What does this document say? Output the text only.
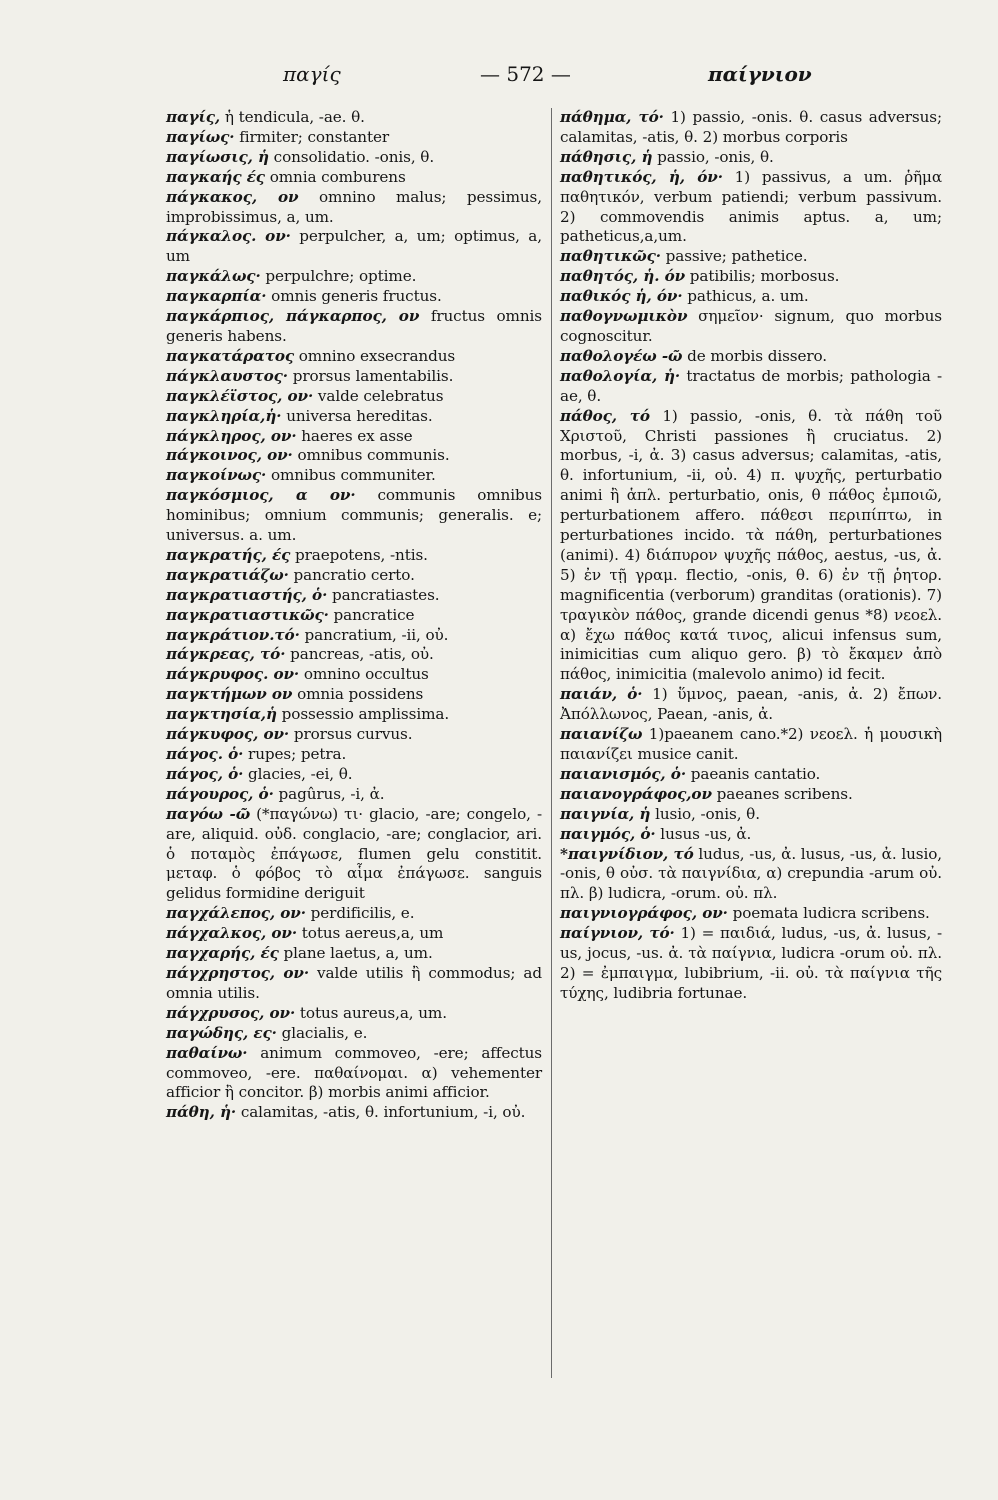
παγίς	— 572 —	παίγνιον
παγίς, ἡ tendicula, -ae. θ.
παγίως· firmiter; constanter
παγίωσις, ἡ consolidatio. -onis, θ.
παγκαής ές omnia comburens
πάγκακος, ον omnino malus; pessimus, improbissimus, a, um.
πάγκαλος. ον· perpulcher, a, um; optimus, a, um
παγκάλως· perpulchre; optime.
παγκαρπία· omnis generis fructus.
παγκάρπιος, πάγκαρπος, ον fructus omnis generis habens.
παγκατάρατος omnino exsecrandus
πάγκλαυστος· prorsus lamentabilis.
παγκλέϊστος, ον· valde celebratus
παγκληρία,ἡ· universa hereditas.
πάγκληρος, ον· haeres ex asse
πάγκοινος, ον· omnibus communis.
παγκοίνως· omnibus communiter.
παγκόσμιος, α ον· communis omnibus hominibus; omnium communis; generalis. e; universus. a. um.
παγκρατής, ές praepotens, -ntis.
παγκρατιάζω· pancratio certo.
παγκρατιαστής, ὁ· pancratiastes.
παγκρατιαστικῶς· pancratice
παγκράτιον.τό· pancratium, -ii, οὐ.
πάγκρεας, τό· pancreas, -atis, οὐ.
πάγκρυφος. ον· omnino occultus
παγκτήμων ον omnia possidens
παγκτησία,ἡ possessio amplissima.
πάγκυφος, ον· prorsus curvus.
πάγος. ὁ· rupes; petra.
πάγος, ὁ· glacies, -ei, θ.
πάγουρος, ὁ· pagûrus, -i, ἀ.
παγόω -ῶ (*παγώνω) τι· glacio, -are; congelo, -are, aliquid. οὐδ. conglacio, -are; conglacior, ari. ὁ ποταμὸς ἐπάγωσε, flumen gelu constitit. μεταφ. ὁ φόβος τὸ αἷμα ἐπάγωσε. sanguis gelidus formidine deriguit
παγχάλεπος, ον· perdificilis, e.
πάγχαλκος, ον· totus aereus,a, um
παγχαρής, ές plane laetus, a, um.
πάγχρηστος, ον· valde utilis ἢ commodus; ad omnia utilis.
πάγχρυσος, ον· totus aureus,a, um.
παγώδης, ες· glacialis, e.
παθαίνω· animum commoveo, -ere; affectus commoveo, -ere. παθαίνομαι. α) vehementer afficior ἢ concitor. β) morbis animi afficior.
πάθη, ἡ· calamitas, -atis, θ. infortunium, -i, οὐ.
πάθημα, τό· 1) passio, -onis. θ. casus adversus; calamitas, -atis, θ. 2) morbus corporis
πάθησις, ἡ passio, -onis, θ.
παθητικός, ἡ, όν· 1) passivus, a um. ῥῆμα παθητικόν, verbum patiendi; verbum passivum. 2) commovendis animis aptus. a, um; patheticus,a,um.
παθητικῶς· passive; pathetice.
παθητός, ἡ. όν patibilis; morbosus.
παθικός ἡ, όν· pathicus, a. um.
παθογνωμικὸν σημεῖον· signum, quo morbus cognoscitur.
παθολογέω -ῶ de morbis dissero.
παθολογία, ἡ· tractatus de morbis; pathologia -ae, θ.
πάθος, τό 1) passio, -onis, θ. τὰ πάθη τοῦ Χριστοῦ, Christi passiones ἢ cruciatus. 2) morbus, -i, ἀ. 3) casus adversus; calamitas, -atis, θ. infortunium, -ii, οὐ. 4) π. ψυχῆς, perturbatio animi ἢ ἁπλ. perturbatio, onis, θ πάθος ἐμποιῶ, perturbationem affero. πάθεσι περιπίπτω, in perturbationes incido. τὰ πάθη, perturbationes (animi). 4) διάπυρον ψυχῆς πάθος, aestus, -us, ἀ. 5) ἐν τῇ γραμ. flectio, -onis, θ. 6) ἐν τῇ ῥητορ. magnificentia (verborum) granditas (orationis). 7) τραγικὸν πάθος, grande dicendi genus *8) νεοελ. α) ἔχω πάθος κατά τινος, alicui infensus sum, inimicitias cum aliquo gero. β) τὸ ἔκαμεν ἀπὸ πάθος, inimicitia (malevolo animo) id fecit.
παιάν, ὁ· 1) ὕμνος, paean, -anis, ἀ. 2) ἔπων. Ἀπόλλωνος, Paean, -anis, ἀ.
παιανίζω 1)paeanem cano.*2) νεοελ. ἡ μουσικὴ παιανίζει musice canit.
παιανισμός, ὁ· paeanis cantatio.
παιανογράφος,ον paeanes scribens.
παιγνία, ἡ lusio, -onis, θ.
παιγμός, ὁ· lusus -us, ἀ.
*παιγνίδιον, τό ludus, -us, ἀ. lusus, -us, ἀ. lusio, -onis, θ οὐσ. τὰ παιγνίδια, α) crepundia -arum οὐ. πλ. β) ludicra, -orum. οὐ. πλ.
παιγνιογράφος, ον· poemata ludicra scribens.
παίγνιον, τό· 1) = παιδιά, ludus, -us, ἀ. lusus, -us, jocus, -us. ἀ. τὰ παίγνια, ludicra -orum οὐ. πλ. 2) = ἐμπαιγμα, lubibrium, -ii. οὐ. τὰ παίγνια τῆς τύχης, ludibria fortunae.
